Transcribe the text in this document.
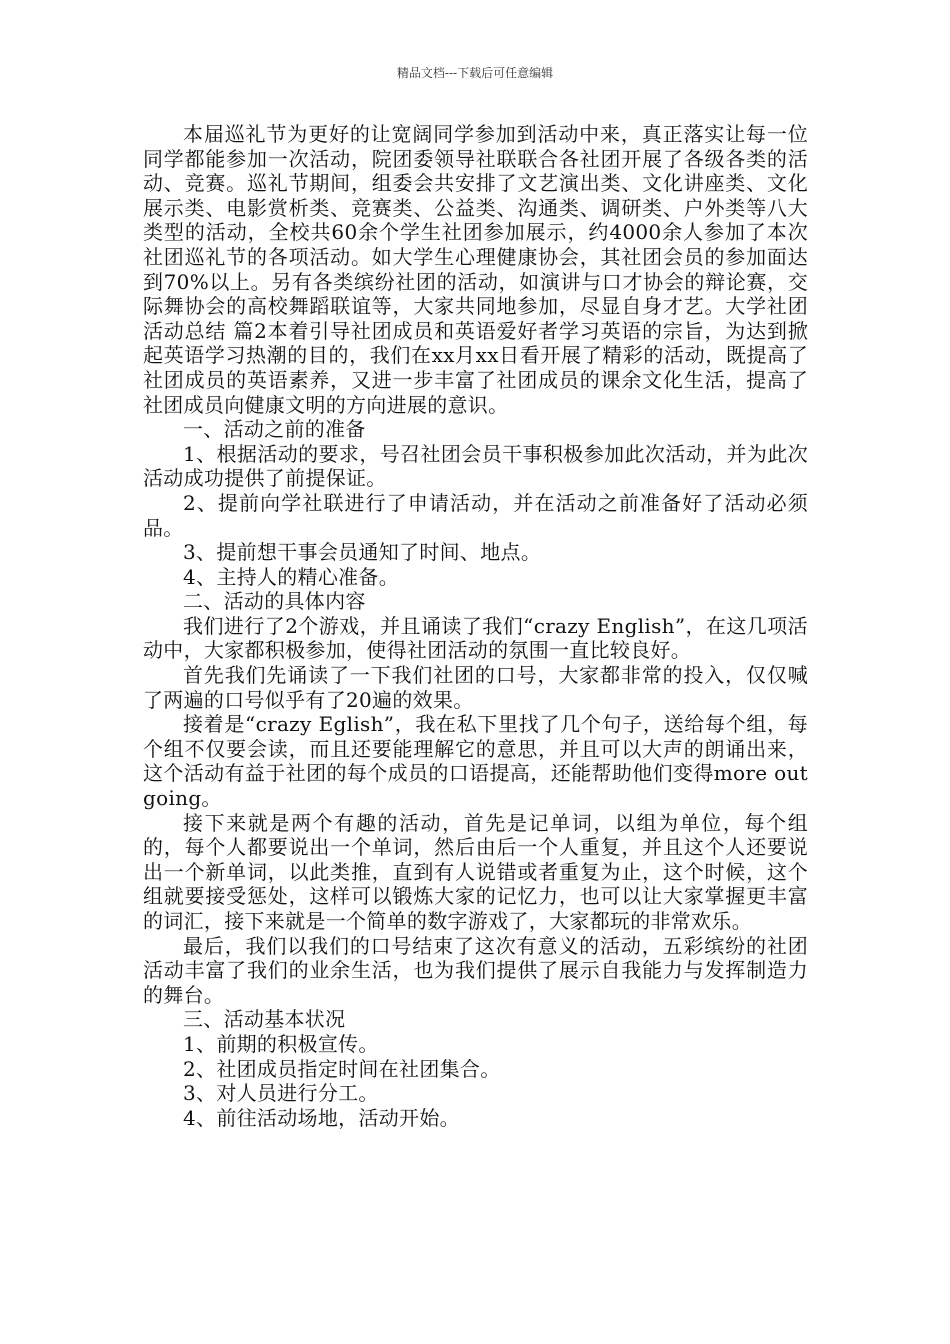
精品文档---下载后可任意编辑

本届巡礼节为更好的让宽阔同学参加到活动中来，真正落实让每一位同学都能参加一次活动，院团委领导社联联合各社团开展了各级各类的活动、竞赛。巡礼节期间，组委会共安排了文艺演出类、文化讲座类、文化展示类、电影赏析类、竞赛类、公益类、沟通类、调研类、户外类等八大类型的活动，全校共60余个学生社团参加展示，约4000余人参加了本次社团巡礼节的各项活动。如大学生心理健康协会，其社团会员的参加面达到70%以上。另有各类缤纷社团的活动，如演讲与口才协会的辩论赛，交际舞协会的高校舞蹈联谊等，大家共同地参加，尽显自身才艺。大学社团活动总结 篇2本着引导社团成员和英语爱好者学习英语的宗旨，为达到掀起英语学习热潮的目的，我们在xx月xx日看开展了精彩的活动，既提高了社团成员的英语素养，又进一步丰富了社团成员的课余文化生活，提高了社团成员向健康文明的方向进展的意识。

一、活动之前的准备

1、根据活动的要求，号召社团会员干事积极参加此次活动，并为此次活动成功提供了前提保证。

2、提前向学社联进行了申请活动，并在活动之前准备好了活动必须品。

3、提前想干事会员通知了时间、地点。

4、主持人的精心准备。

二、活动的具体内容

我们进行了2个游戏，并且诵读了我们“crazy English”，在这几项活动中，大家都积极参加，使得社团活动的氛围一直比较良好。

首先我们先诵读了一下我们社团的口号，大家都非常的投入，仅仅喊了两遍的口号似乎有了20遍的效果。

接着是“crazy Eglish”，我在私下里找了几个句子，送给每个组，每个组不仅要会读，而且还要能理解它的意思，并且可以大声的朗诵出来，这个活动有益于社团的每个成员的口语提高，还能帮助他们变得more outgoing。

接下来就是两个有趣的活动，首先是记单词，以组为单位，每个组的，每个人都要说出一个单词，然后由后一个人重复，并且这个人还要说出一个新单词，以此类推，直到有人说错或者重复为止，这个时候，这个组就要接受惩处，这样可以锻炼大家的记忆力，也可以让大家掌握更丰富的词汇，接下来就是一个简单的数字游戏了，大家都玩的非常欢乐。

最后，我们以我们的口号结束了这次有意义的活动，五彩缤纷的社团活动丰富了我们的业余生活，也为我们提供了展示自我能力与发挥制造力的舞台。

三、活动基本状况

1、前期的积极宣传。

2、社团成员指定时间在社团集合。

3、对人员进行分工。

4、前往活动场地，活动开始。
